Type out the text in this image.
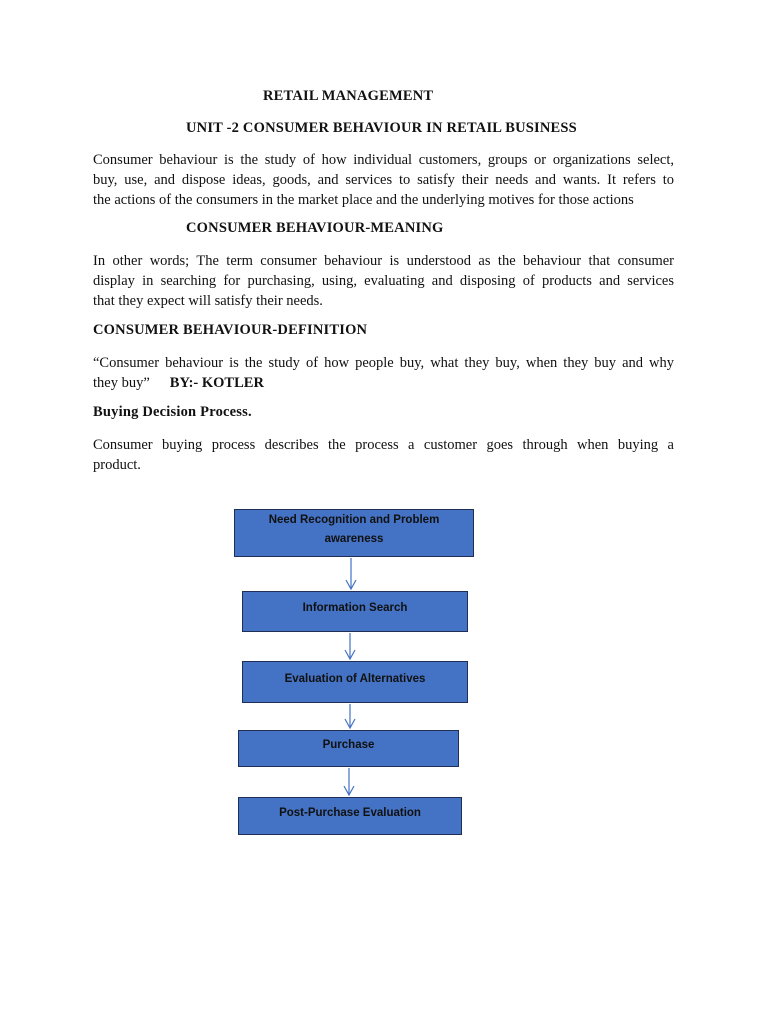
RETAIL MANAGEMENT
UNIT -2 CONSUMER BEHAVIOUR IN RETAIL BUSINESS
Consumer behaviour is the study of how individual customers, groups or organizations select,
buy, use, and dispose ideas, goods, and services to satisfy their needs and wants. It refers to
the actions of the consumers in the market place and the underlying motives for those actions
CONSUMER BEHAVIOUR-MEANING
In other words; The term consumer behaviour is understood as the behaviour that consumer
display in searching for purchasing, using, evaluating and disposing of products and services
that they expect will satisfy their needs.
CONSUMER BEHAVIOUR-DEFINITION
“Consumer behaviour is the study of how people buy, what they buy, when they buy and why
they buy” BY:- KOTLER
Buying Decision Process.
Consumer buying process describes the process a customer goes through when buying a
product.
Need Recognition and Problem awareness
Information Search
Evaluation of Alternatives
Purchase
Post-Purchase Evaluation
